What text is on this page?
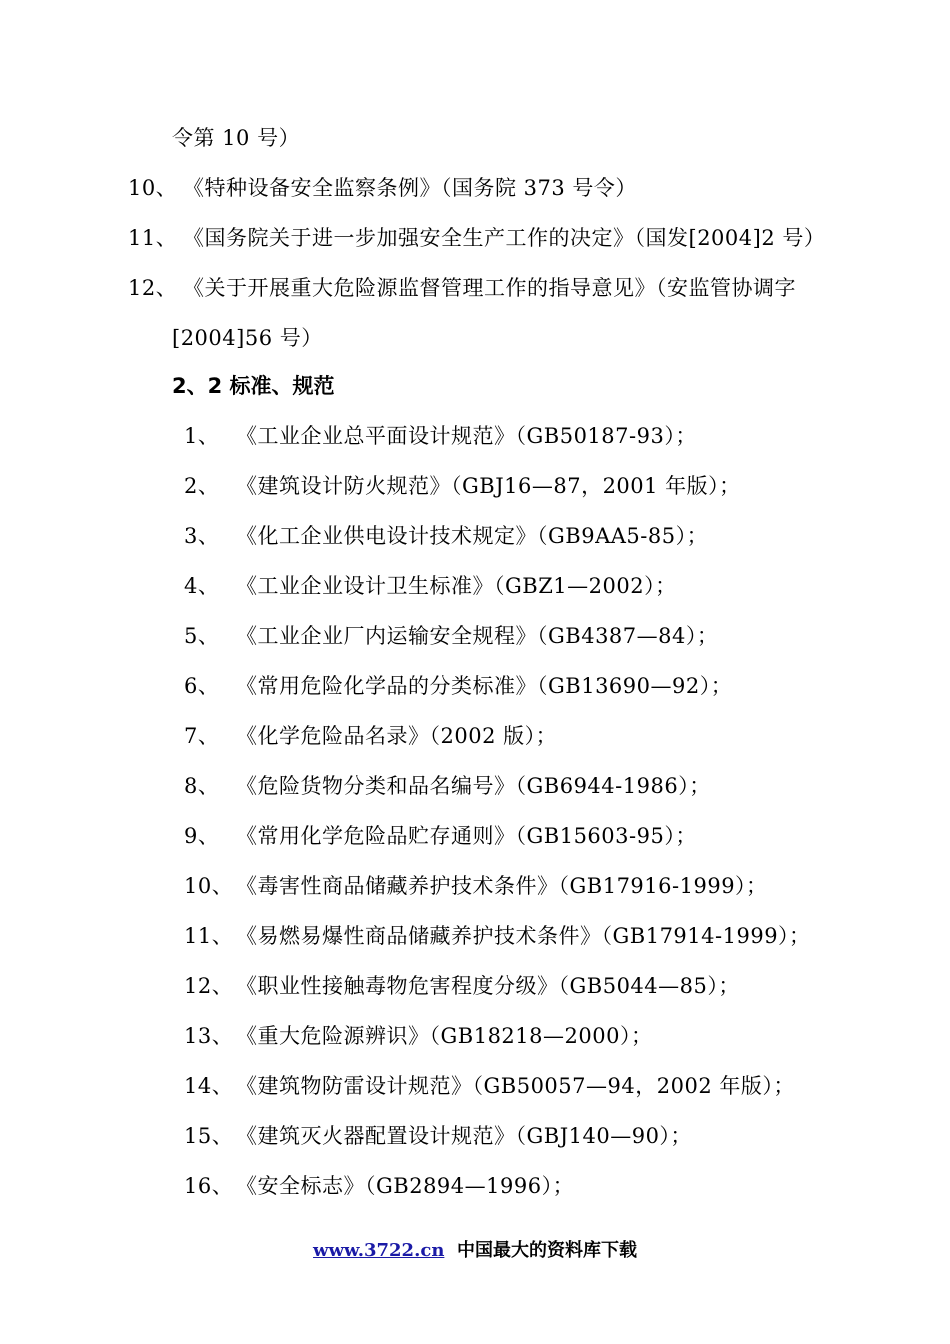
令第 10 号）
10、 《特种设备安全监察条例》（国务院 373 号令）
11、 《国务院关于进一步加强安全生产工作的决定》（国发[2004]2 号）
12、 《关于开展重大危险源监督管理工作的指导意见》（安监管协调字
[2004]56 号）
2、2 标准、规范
1、 《工业企业总平面设计规范》（GB50187-93）；
2、 《建筑设计防火规范》（GBJ16—87，2001 年版）；
3、 《化工企业供电设计技术规定》（GB9AA5-85）；
4、 《工业企业设计卫生标准》（GBZ1—2002）；
5、 《工业企业厂内运输安全规程》（GB4387—84）；
6、 《常用危险化学品的分类标准》（GB13690—92）；
7、 《化学危险品名录》（2002 版）；
8、 《危险货物分类和品名编号》（GB6944-1986）；
9、 《常用化学危险品贮存通则》（GB15603-95）；
10、 《毒害性商品储藏养护技术条件》（GB17916-1999）；
11、 《易燃易爆性商品储藏养护技术条件》（GB17914-1999）；
12、 《职业性接触毒物危害程度分级》（GB5044—85）；
13、 《重大危险源辨识》（GB18218—2000）；
14、 《建筑物防雷设计规范》（GB50057—94，2002 年版）；
15、 《建筑灭火器配置设计规范》（GBJ140—90）；
16、 《安全标志》（GB2894—1996）；
www.3722.cn 中国最大的资料库下载
